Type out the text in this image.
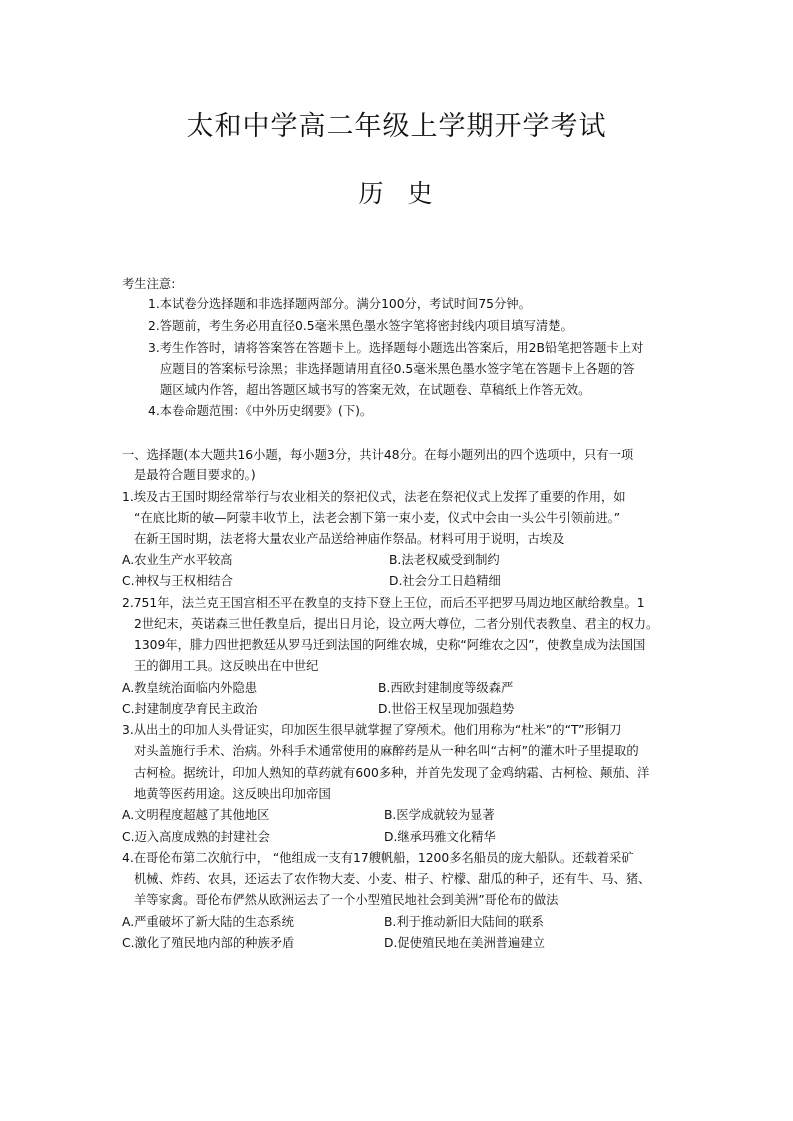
太和中学高二年级上学期开学考试
历 史
考生注意:
1.本试卷分选择题和非选择题两部分。满分100分，考试时间75分钟。
2.答题前，考生务必用直径0.5毫米黑色墨水签字笔将密封线内项目填写清楚。
3.考生作答时，请将答案答在答题卡上。选择题每小题选出答案后，用2B铅笔把答题卡上对
应题目的答案标号涂黑；非选择题请用直径0.5毫米黑色墨水签字笔在答题卡上各题的答
题区域内作答，超出答题区域书写的答案无效，在试题卷、草稿纸上作答无效。
4.本卷命题范围：《中外历史纲要》(下)。
一、选择题(本大题共16小题，每小题3分，共计48分。在每小题列出的四个选项中，只有一项
是最符合题目要求的。)
1.埃及古王国时期经常举行与农业相关的祭祀仪式，法老在祭祀仪式上发挥了重要的作用，如
“在底比斯的敏—阿蒙丰收节上，法老会割下第一束小麦，仪式中会由一头公牛引领前进。”
在新王国时期，法老将大量农业产品送给神庙作祭品。材料可用于说明，古埃及
A.农业生产水平较高	B.法老权威受到制约
C.神权与王权相结合	D.社会分工日趋精细
2.751年，法兰克王国宫相丕平在教皇的支持下登上王位，而后丕平把罗马周边地区献给教皇。1
2世纪末，英诺森三世任教皇后，提出日月论，设立两大尊位，二者分别代表教皇、君主的权力。
1309年，腓力四世把教廷从罗马迁到法国的阿维农城，史称“阿维农之囚”，使教皇成为法国国
王的御用工具。这反映出在中世纪
A.教皇统治面临内外隐患	B.西欧封建制度等级森严
C.封建制度孕育民主政治	D.世俗王权呈现加强趋势
3.从出土的印加人头骨证实，印加医生很早就掌握了穿颅术。他们用称为“杜米”的“T”形铜刀
对头盖施行手术、治病。外科手术通常使用的麻醉药是从一种名叫“古柯”的灌木叶子里提取的
古柯检。据统计，印加人熟知的草药就有600多种，并首先发现了金鸡纳霜、古柯检、颠茄、洋
地黄等医药用途。这反映出印加帝国
A.文明程度超越了其他地区	B.医学成就较为显著
C.迈入高度成熟的封建社会	D.继承玛雅文化精华
4.在哥伦布第二次航行中， “他组成一支有17艘帆船，1200多名船员的庞大船队。还载着采矿
机械、炸药、农具，还运去了农作物大麦、小麦、柑子、柠檬、甜瓜的种子，还有牛、马、猪、
羊等家禽。哥伦布俨然从欧洲运去了一个小型殖民地社会到美洲”哥伦布的做法
A.严重破坏了新大陆的生态系统	B.利于推动新旧大陆间的联系
C.激化了殖民地内部的种族矛盾	D.促使殖民地在美洲普遍建立
